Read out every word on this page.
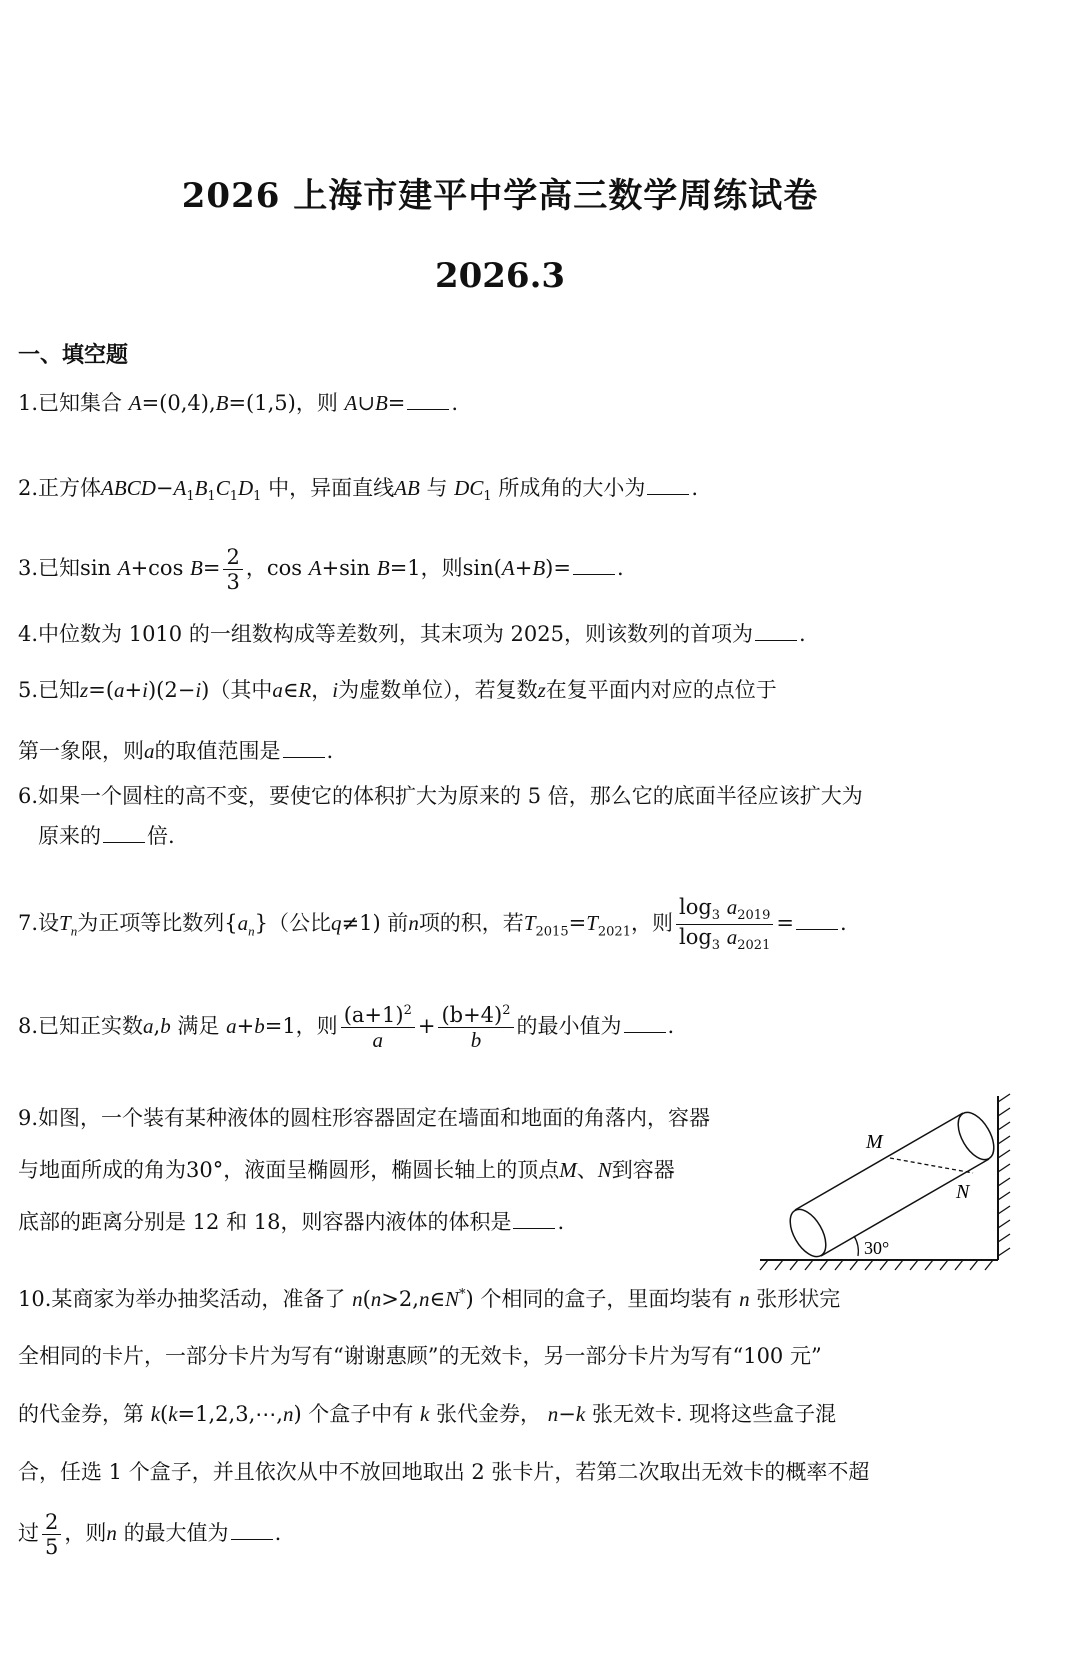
2026 上海市建平中学高三数学周练试卷
2026.3
一、填空题
1.已知集合 A=(0,4),B=(1,5)，则 A∪B= .
2.正方体$ABCD-A_1B_1C_1D_1$ 中，异面直线AB 与 $DC_1$ 所成角的大小为 .
3.已知sin A+cos $B= \frac{2}{3}$ ，cos A+sin B=1，则sin(A+B)= .
4.中位数为 1010 的一组数构成等差数列，其末项为 2025，则该数列的首项为 .
5.已知z=(a+i)(2−i)（其中a∈R，i为虚数单位），若复数z在复平面内对应的点位于
第一象限，则a的取值范围是 .
6.如果一个圆柱的高不变，要使它的体积扩大为原来的 5 倍，那么它的底面半径应该扩大为
原来的 倍.
7.设$T_n$为正项等比数列$\{a_n\}$（公比q≠1) 前n项的积，若$T_{2015}=T_{2021}$，则 $\frac{\log_3 a_{2019}}{\log_3 a_{2021}}$ = .
8.已知正实数a,b 满足 a+b=1，则 $\frac{(a+1)^2}{a} + \frac{(b+4)^2}{b}$ 的最小值为 .
9.如图，一个装有某种液体的圆柱形容器固定在墙面和地面的角落内，容器
与地面所成的角为30°，液面呈椭圆形，椭圆长轴上的顶点M、N到容器
底部的距离分别是 12 和 18，则容器内液体的体积是 .
M
N
30°
10.某商家为举办抽奖活动，准备了 n(n>2,n∈N*) 个相同的盒子，里面均装有 n 张形状完
全相同的卡片，一部分卡片为写有“谢谢惠顾”的无效卡，另一部分卡片为写有“100 元”
的代金券，第 k(k=1,2,3,⋯,n) 个盒子中有 k 张代金券， n−k 张无效卡. 现将这些盒子混
合，任选 1 个盒子，并且依次从中不放回地取出 2 张卡片，若第二次取出无效卡的概率不超
过 $\frac{2}{5}$ ，则n 的最大值为 .
